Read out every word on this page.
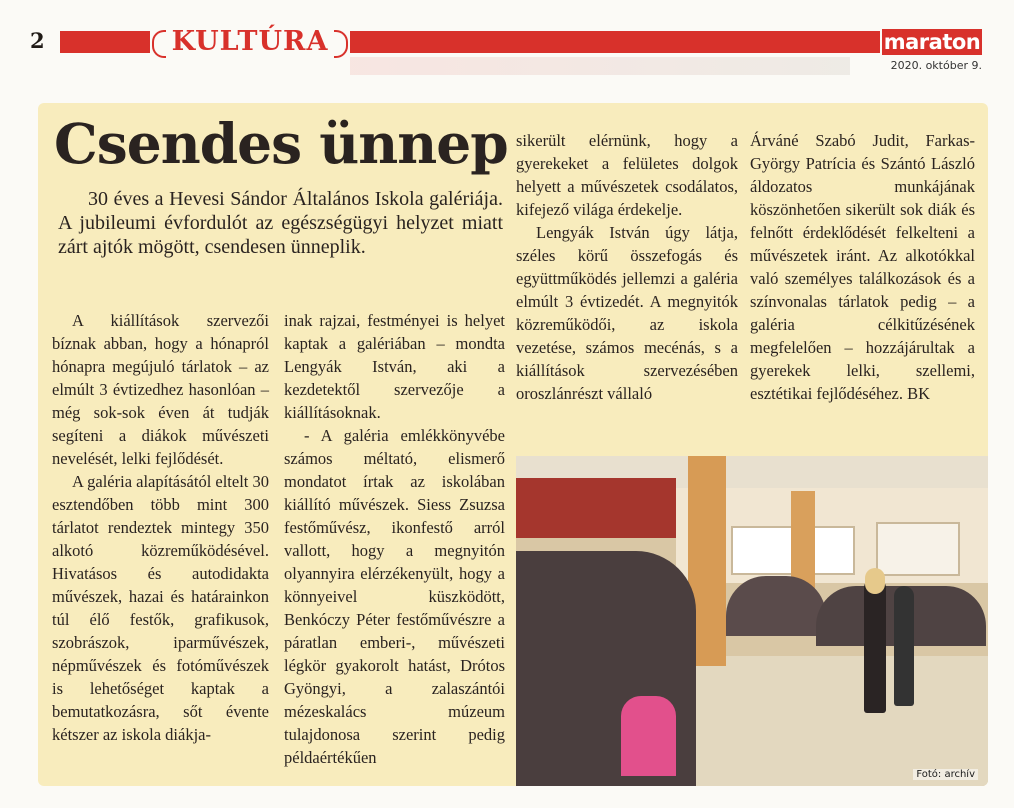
2	KULTÚRA	maraton
2020. október 9.
Csendes ünnep
30 éves a Hevesi Sándor Általános Iskola galériája. A jubileumi évfordulót az egészségügyi helyzet miatt zárt ajtók mögött, csendesen ünneplik.

A kiállítások szervezői bíznak abban, hogy a hónapról hónapra megújuló tárlatok – az elmúlt 3 évtizedhez hasonlóan – még sok-sok éven át tudják segíteni a diákok művészeti nevelését, lelki fejlődését.

A galéria alapításától eltelt 30 esztendőben több mint 300 tárlatot rendeztek mintegy 350 alkotó közreműködésével. Hivatásos és autodidakta művészek, hazai és határainkon túl élő festők, grafikusok, szobrászok, iparművészek, népművészek és fotóművészek is lehetőséget kaptak a bemutatkozásra, sőt évente kétszer az iskola diákja-

inak rajzai, festményei is helyet kaptak a galériában – mondta Lengyák István, aki a kezdetektől szervezője a kiállításoknak.

- A galéria emlékkönyvébe számos méltató, elismerő mondatot írtak az iskolában kiállító művészek. Siess Zsuzsa festőművész, ikonfestő arról vallott, hogy a megnyitón olyannyira elérzékenyült, hogy a könnyeivel küszködött, Benkóczy Péter festőművészre a páratlan emberi-, művészeti légkör gyakorolt hatást, Drótos Gyöngyi, a zalaszántói mézeskalács múzeum tulajdonosa szerint pedig példaértékűen

sikerült elérnünk, hogy a gyerekeket a felületes dolgok helyett a művészetek csodálatos, kifejező világa érdekelje.

Lengyák István úgy látja, széles körű összefogás és együttműködés jellemzi a galéria elmúlt 3 évtizedét. A megnyitók közreműködői, az iskola vezetése, számos mecénás, s a kiállítások szervezésében oroszlánrészt vállaló

Árváné Szabó Judit, Farkas-György Patrícia és Szántó László áldozatos munkájának köszönhetően sikerült sok diák és felnőtt érdeklődését felkelteni a művészetek iránt. Az alkotókkal való személyes találkozások és a színvonalas tárlatok pedig – a galéria célkitűzésének megfelelően – hozzájárultak a gyerekek lelki, szellemi, esztétikai fejlődéséhez. BK

Fotó: archív
